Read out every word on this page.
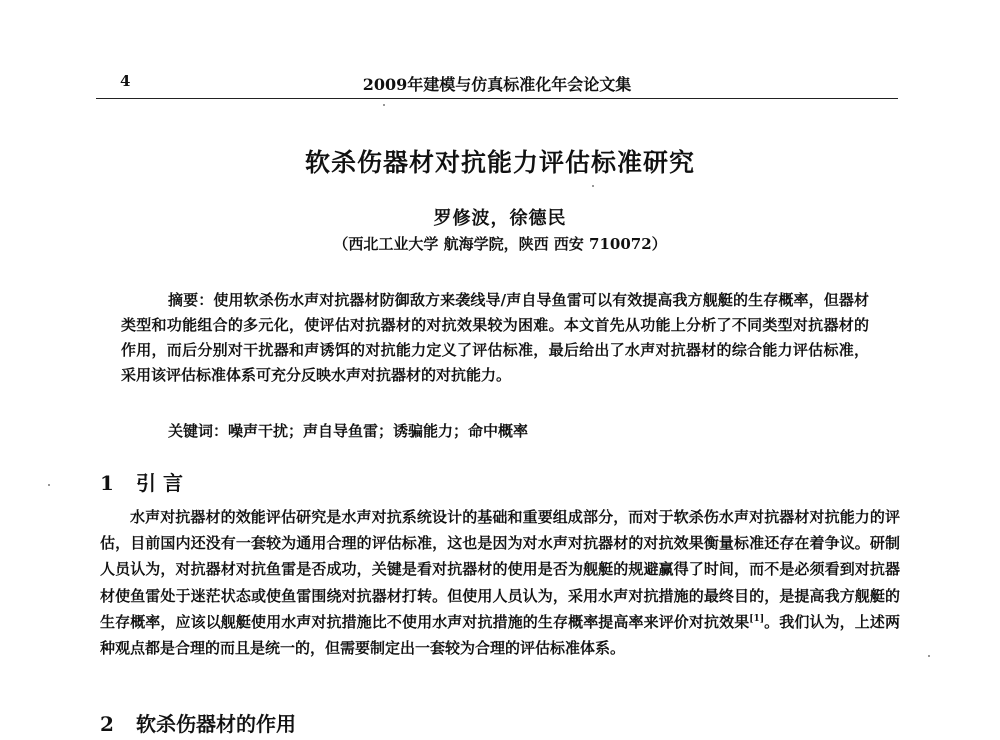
4	2009年建模与仿真标准化年会论文集
软杀伤器材对抗能力评估标准研究
罗修波，徐德民
（西北工业大学 航海学院，陕西 西安 710072）

摘要：使用软杀伤水声对抗器材防御敌方来袭线导/声自导鱼雷可以有效提高我方舰艇的生存概率，但器材类型和功能组合的多元化，使评估对抗器材的对抗效果较为困难。本文首先从功能上分析了不同类型对抗器材的作用，而后分别对干扰器和声诱饵的对抗能力定义了评估标准，最后给出了水声对抗器材的综合能力评估标准，采用该评估标准体系可充分反映水声对抗器材的对抗能力。

关键词：噪声干扰；声自导鱼雷；诱骗能力；命中概率
1 引 言

水声对抗器材的效能评估研究是水声对抗系统设计的基础和重要组成部分，而对于软杀伤水声对抗器材对抗能力的评估，目前国内还没有一套较为通用合理的评估标准，这也是因为对水声对抗器材的对抗效果衡量标准还存在着争议。研制人员认为，对抗器材对抗鱼雷是否成功，关键是看对抗器材的使用是否为舰艇的规避赢得了时间，而不是必须看到对抗器材使鱼雷处于迷茫状态或使鱼雷围绕对抗器材打转。但使用人员认为，采用水声对抗措施的最终目的，是提高我方舰艇的生存概率，应该以舰艇使用水声对抗措施比不使用水声对抗措施的生存概率提高率来评价对抗效果[1]。我们认为，上述两种观点都是合理的而且是统一的，但需要制定出一套较为合理的评估标准体系。

2 软杀伤器材的作用
